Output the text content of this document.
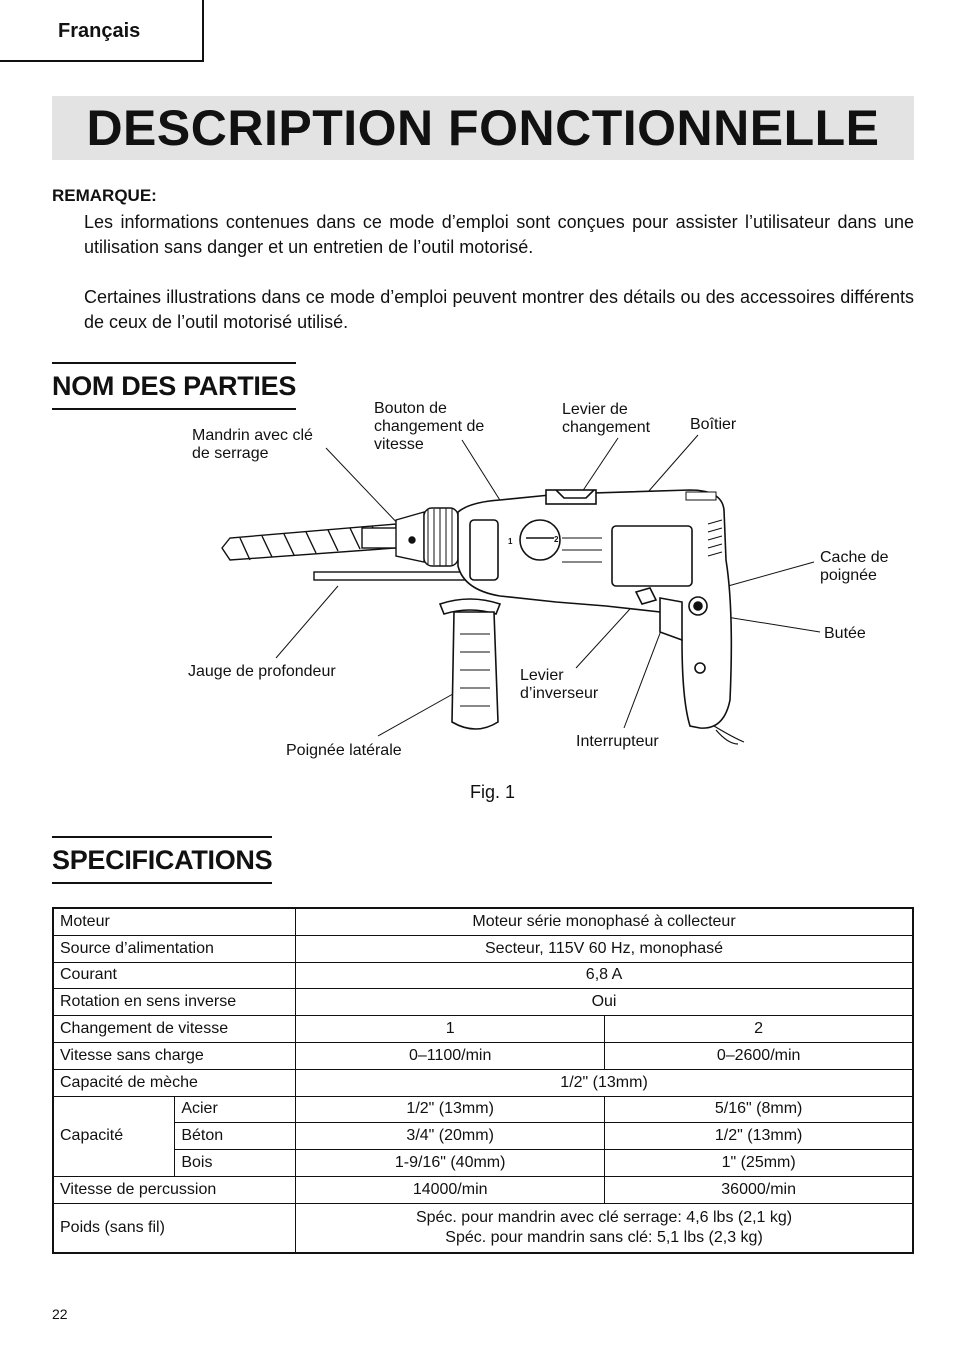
Français
DESCRIPTION FONCTIONNELLE
REMARQUE:

Les informations contenues dans ce mode d’emploi sont conçues pour assister l’utilisateur dans une utilisation sans danger et un entretien de l’outil motorisé.

Certaines illustrations dans ce mode d’emploi peuvent montrer des détails ou des accessoires différents de ceux de l’outil motorisé utilisé.

NOM DES PARTIES
Mandrin avec clé
de serrage
Bouton de
changement de
vitesse
Levier de
changement Boîtier
Cache de
poignée
Butée
Jauge de profondeur	Levier
d’inverseur
Interrupteur
Poignée latérale
1	2
Fig. 1
SPECIFICATIONS
Moteur		Moteur série monophasé à collecteur	
Source d’alimentation		Secteur, 115V 60 Hz, monophasé	
Courant		6,8 A	
Rotation en sens inverse		Oui	
Changement de vitesse		1	2
Vitesse sans charge		0–1100/min	0–2600/min
Capacité de mèche		1/2" (13mm)	
Capacité	Acier	1/2" (13mm)	5/16" (8mm)
	Béton	3/4" (20mm)	1/2" (13mm)
	Bois	1-9/16" (40mm)	1" (25mm)
Vitesse de percussion		14000/min	36000/min
Poids (sans fil)		Spéc. pour mandrin avec clé serrage: 4,6 lbs (2,1 kg)
Spéc. pour mandrin sans clé: 5,1 lbs (2,3 kg)	
22
